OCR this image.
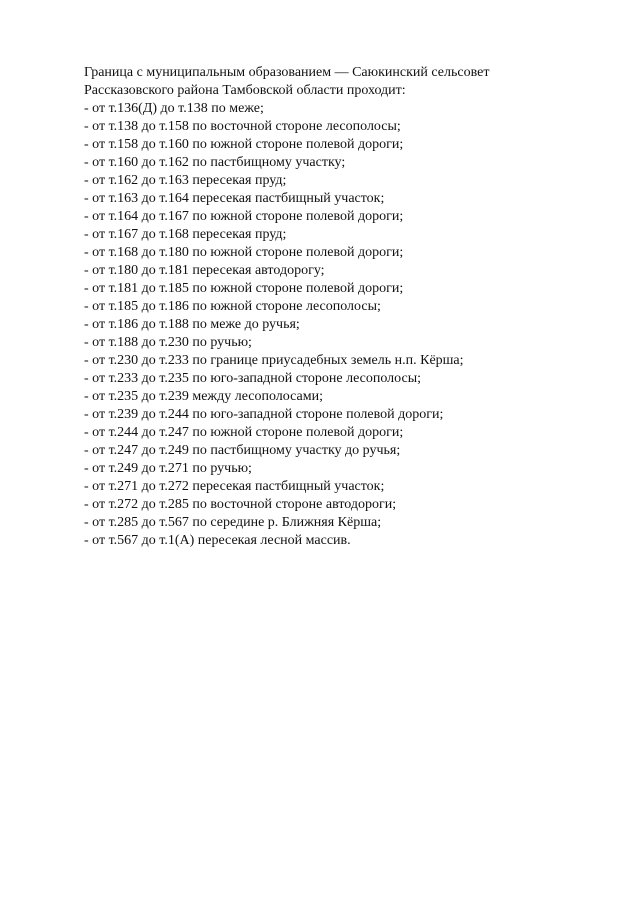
Граница с муниципальным образованием — Саюкинский сельсовет
Рассказовского района Тамбовской области проходит:
- от т.136(Д) до т.138 по меже;
- от т.138 до т.158 по восточной стороне лесополосы;
- от т.158 до т.160 по южной стороне полевой дороги;
- от т.160 до т.162 по пастбищному участку;
- от т.162 до т.163 пересекая пруд;
- от т.163 до т.164 пересекая пастбищный участок;
- от т.164 до т.167 по южной стороне полевой дороги;
- от т.167 до т.168 пересекая пруд;
- от т.168 до т.180 по южной стороне полевой дороги;
- от т.180 до т.181 пересекая автодорогу;
- от т.181 до т.185 по южной стороне полевой дороги;
- от т.185 до т.186 по южной стороне лесополосы;
- от т.186 до т.188 по меже до ручья;
- от т.188 до т.230 по ручью;
- от т.230 до т.233 по границе приусадебных земель н.п. Кёрша;
- от т.233 до т.235 по юго-западной стороне лесополосы;
- от т.235 до т.239 между лесополосами;
- от т.239 до т.244 по юго-западной стороне полевой дороги;
- от т.244 до т.247 по южной стороне полевой дороги;
- от т.247 до т.249 по пастбищному участку до ручья;
- от т.249 до т.271 по ручью;
- от т.271 до т.272 пересекая пастбищный участок;
- от т.272 до т.285 по восточной стороне автодороги;
- от т.285 до т.567 по середине р. Ближняя Кёрша;
- от т.567 до т.1(А) пересекая лесной массив.
